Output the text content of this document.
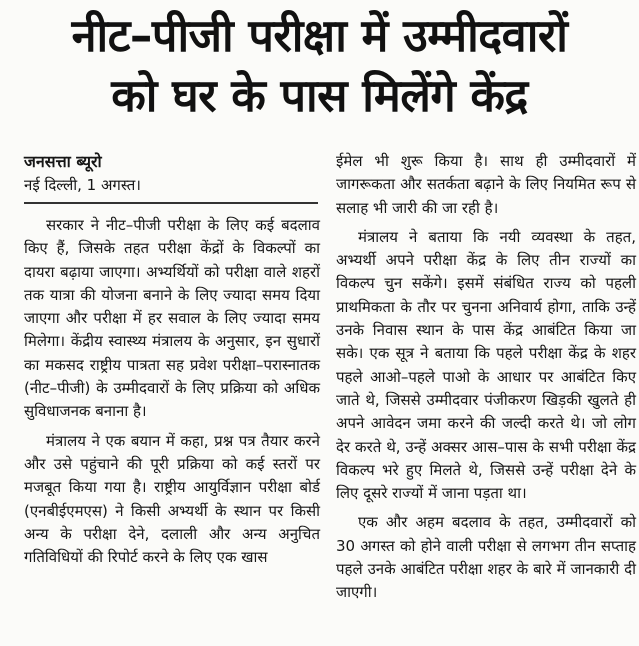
नीट–पीजी परीक्षा में उम्मीदवारों
को घर के पास मिलेंगे केंद्र
जनसत्ता ब्यूरो
नई दिल्ली, 1 अगस्त।

सरकार ने नीट–पीजी परीक्षा के लिए कई बदलाव किए हैं, जिसके तहत परीक्षा केंद्रों के विकल्पों का दायरा बढ़ाया जाएगा। अभ्यर्थियों को परीक्षा वाले शहरों तक यात्रा की योजना बनाने के लिए ज्यादा समय दिया जाएगा और परीक्षा में हर सवाल के लिए ज्यादा समय मिलेगा। केंद्रीय स्वास्थ्य मंत्रालय के अनुसार, इन सुधारों का मकसद राष्ट्रीय पात्रता सह प्रवेश परीक्षा–परास्नातक (नीट–पीजी) के उम्मीदवारों के लिए प्रक्रिया को अधिक सुविधाजनक बनाना है।

मंत्रालय ने एक बयान में कहा, प्रश्न पत्र तैयार करने और उसे पहुंचाने की पूरी प्रक्रिया को कई स्तरों पर मजबूत किया गया है। राष्ट्रीय आयुर्विज्ञान परीक्षा बोर्ड (एनबीईएमएस) ने किसी अभ्यर्थी के स्थान पर किसी अन्य के परीक्षा देने, दलाली और अन्य अनुचित गतिविधियों की रिपोर्ट करने के लिए एक खास

ईमेल भी शुरू किया है। साथ ही उम्मीदवारों में जागरूकता और सतर्कता बढ़ाने के लिए नियमित रूप से सलाह भी जारी की जा रही है।

मंत्रालय ने बताया कि नयी व्यवस्था के तहत, अभ्यर्थी अपने परीक्षा केंद्र के लिए तीन राज्यों का विकल्प चुन सकेंगे। इसमें संबंधित राज्य को पहली प्राथमिकता के तौर पर चुनना अनिवार्य होगा, ताकि उन्हें उनके निवास स्थान के पास केंद्र आबंटित किया जा सके। एक सूत्र ने बताया कि पहले परीक्षा केंद्र के शहर पहले आओ–पहले पाओ के आधार पर आबंटित किए जाते थे, जिससे उम्मीदवार पंजीकरण खिड़की खुलते ही अपने आवेदन जमा करने की जल्दी करते थे। जो लोग देर करते थे, उन्हें अक्सर आस–पास के सभी परीक्षा केंद्र विकल्प भरे हुए मिलते थे, जिससे उन्हें परीक्षा देने के लिए दूसरे राज्यों में जाना पड़ता था।

एक और अहम बदलाव के तहत, उम्मीदवारों को 30 अगस्त को होने वाली परीक्षा से लगभग तीन सप्ताह पहले उनके आबंटित परीक्षा शहर के बारे में जानकारी दी जाएगी।
